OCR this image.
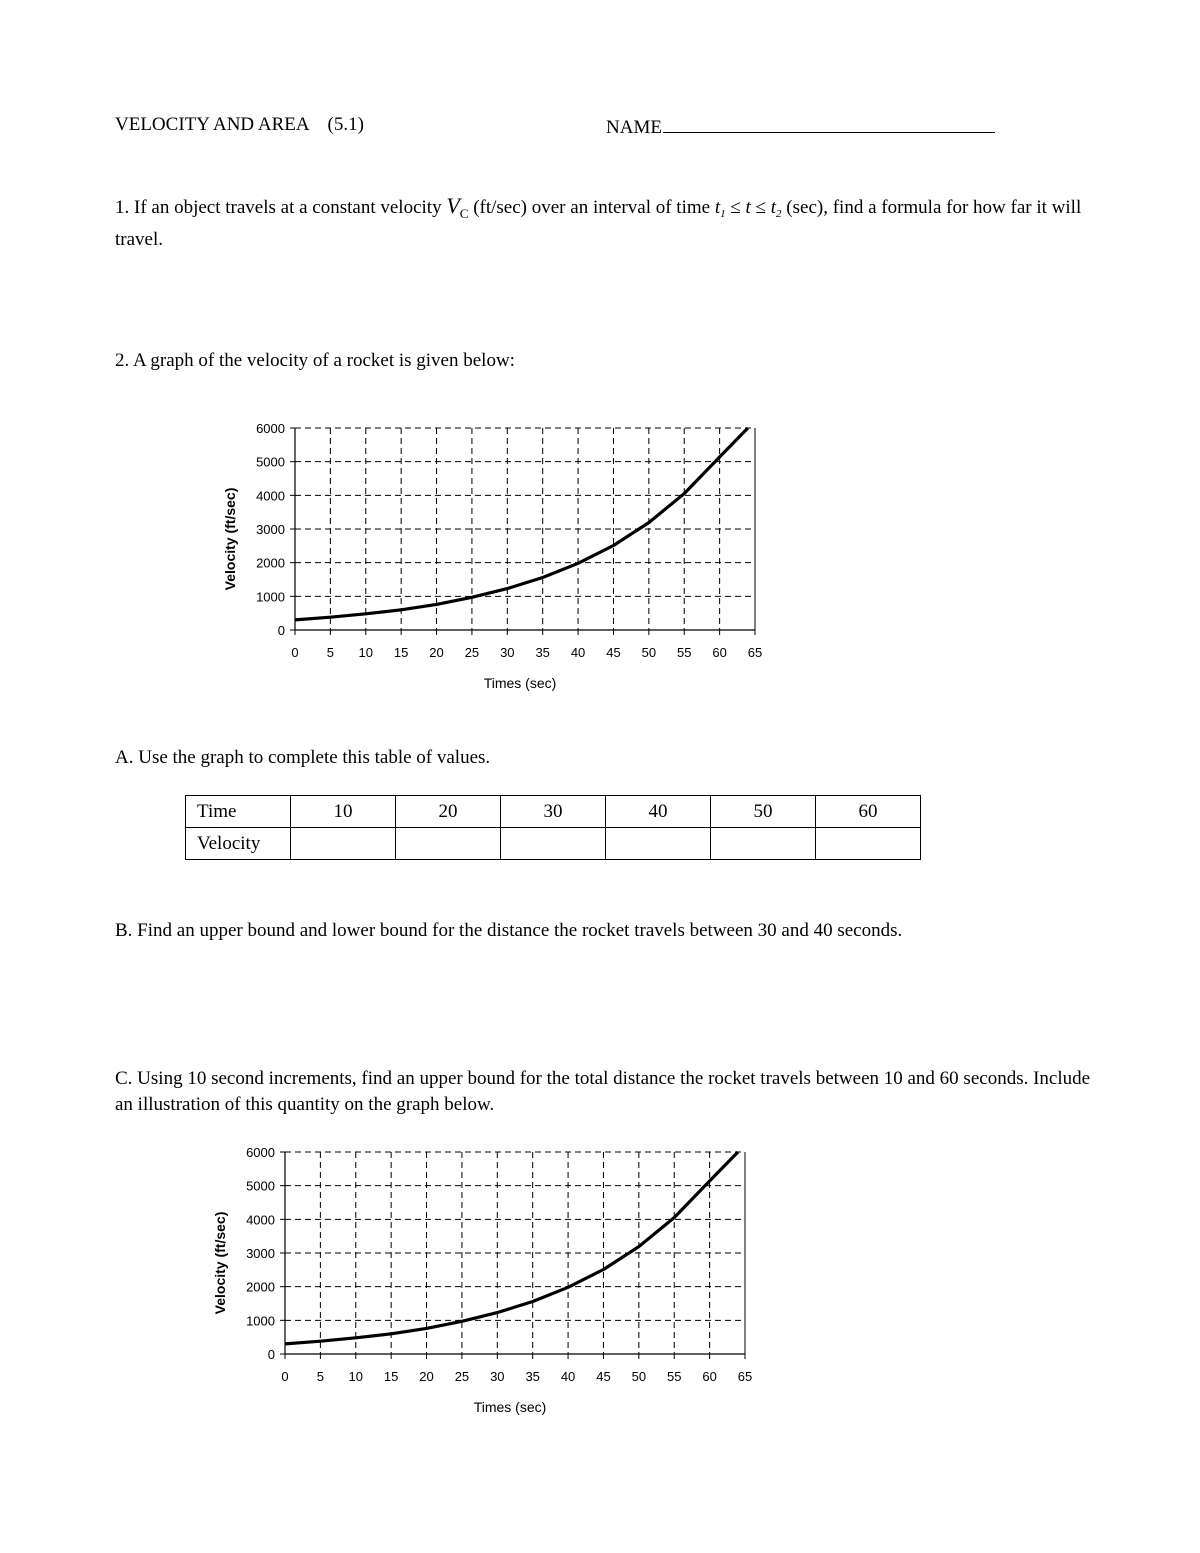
VELOCITY AND AREA    (5.1)	NAME
1. If an object travels at a constant velocity $V_C$ (ft/sec) over an interval of time $t_1 \le t \le t_2$ (sec), find a formula for how far it will travel.
2. A graph of the velocity of a rocket is given below:
0
1000
2000
3000
4000
5000
6000
0 5 10 15 20 25 30 35 40 45 50 55 60 65
Times (sec)
Velocity (ft/sec)
A. Use the graph to complete this table of values.
Time	10	20	30	40	50	60
Velocity						
B. Find an upper bound and lower bound for the distance the rocket travels between 30 and 40 seconds.
C. Using 10 second increments, find an upper bound for the total distance the rocket travels between 10 and 60 seconds. Include an illustration of this quantity on the graph below.
0
1000
2000
3000
4000
5000
6000
0 5 10 15 20 25 30 35 40 45 50 55 60 65
Times (sec)
Velocity (ft/sec)
